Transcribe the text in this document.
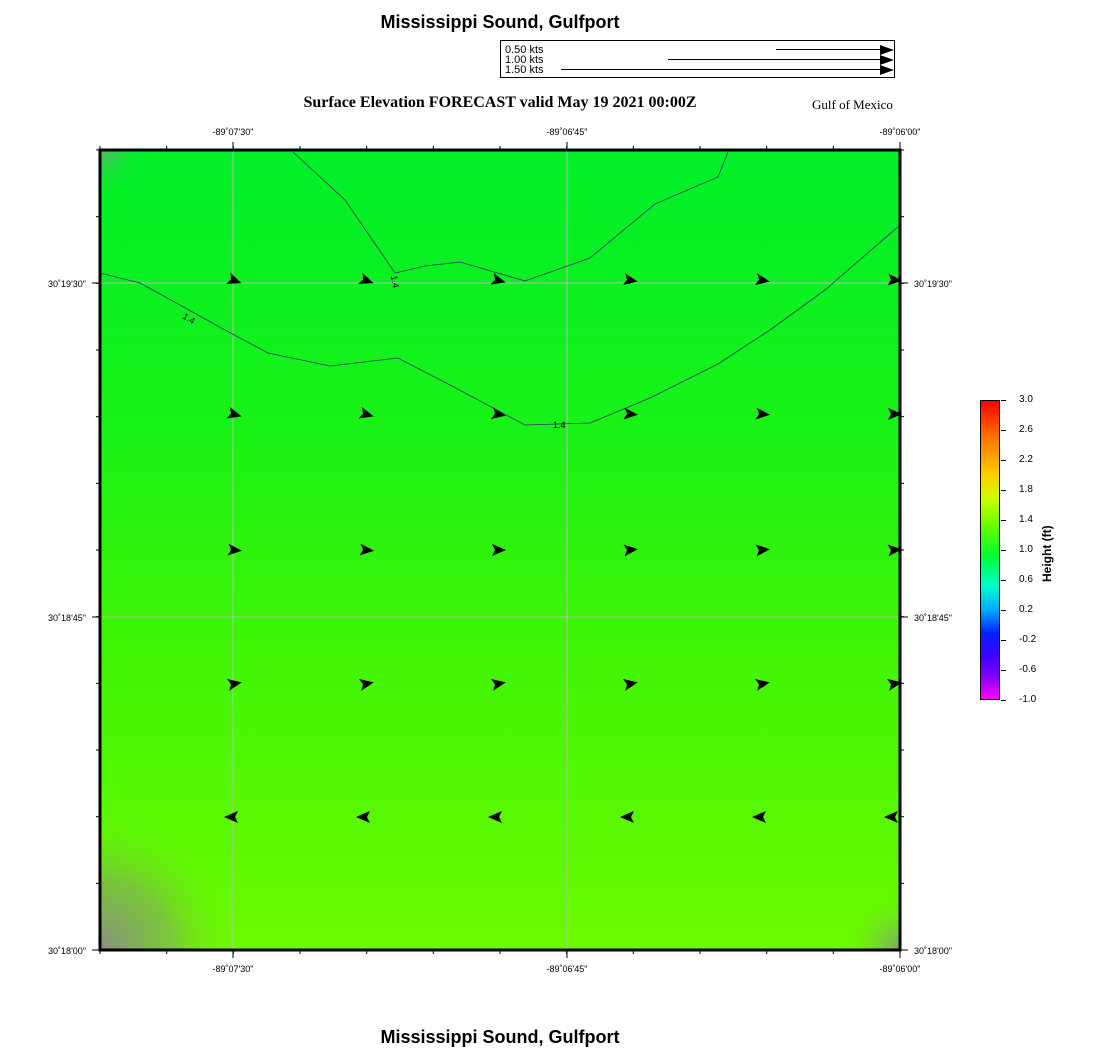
Mississippi Sound, Gulfport
0.50 kts
1.00 kts
1.50 kts
Surface Elevation FORECAST valid May 19 2021 00:00Z	Gulf of Mexico
1.4
1.4
1.4
-89˚07'30"	-89˚06'45"	-89˚06'00"
-89˚07'30"	-89˚06'45"	-89˚06'00"
30˚19'30"
30˚18'45"
30˚18'00"
30˚19'30"
30˚18'45"
30˚18'00"
3.0
2.6
2.2
1.8
1.4
1.0
0.6
0.2
-0.2
-0.6
-1.0
Height (ft)
Mississippi Sound, Gulfport
